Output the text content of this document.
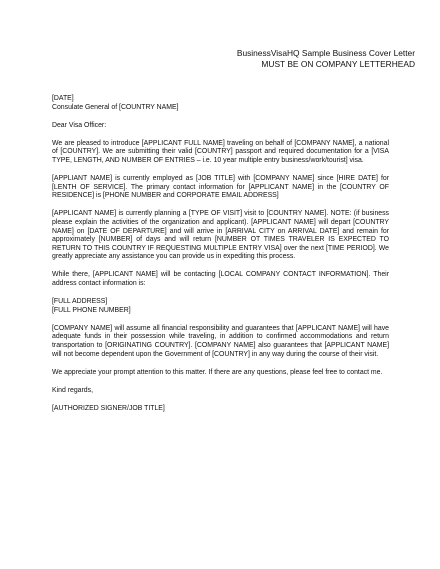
BusinessVisaHQ Sample Business Cover Letter
MUST BE ON COMPANY LETTERHEAD

[DATE]

Consulate General of [COUNTRY NAME]

Dear Visa Officer:

We are pleased to introduce [APPLICANT FULL NAME] traveling on behalf of [COMPANY NAME], a national of [COUNTRY]. We are submitting their valid [COUNTRY] passport and required documentation for a [VISA TYPE, LENGTH, AND NUMBER OF ENTRIES – i.e. 10 year multiple entry business/work/tourist] visa.

[APPLIANT NAME] is currently employed as [JOB TITLE] with [COMPANY NAME] since [HIRE DATE] for [LENTH OF SERVICE]. The primary contact information for [APPLICANT NAME] in the [COUNTRY OF RESIDENCE] is [PHONE NUMBER and CORPORATE EMAIL ADDRESS]

[APPLICANT NAME] is currently planning a [TYPE OF VISIT] visit to [COUNTRY NAME]. NOTE: (if business please explain the activities of the organization and applicant). [APPLICANT NAME] will depart [COUNTRY NAME] on [DATE OF DEPARTURE] and will arrive in [ARRIVAL CITY on ARRIVAL DATE] and remain for approximately [NUMBER] of days and will return [NUMBER OT TIMES TRAVELER IS EXPECTED TO RETURN TO THIS COUNTRY IF REQUESTING MULTIPLE ENTRY VISA] over the next [TIME PERIOD]. We greatly appreciate any assistance you can provide us in expediting this process.

While there, [APPLICANT NAME] will be contacting [LOCAL COMPANY CONTACT INFORMATION]. Their address contact information is:

[FULL ADDRESS]

[FULL PHONE NUMBER]

[COMPANY NAME] will assume all financial responsibility and guarantees that [APPLICANT NAME] will have adequate funds in their possession while traveling, in addition to confirmed accommodations and return transportation to [ORIGINATING COUNTRY]. [COMPANY NAME] also guarantees that [APPLICANT NAME] will not become dependent upon the Government of [COUNTRY] in any way during the course of their visit.

We appreciate your prompt attention to this matter. If there are any questions, please feel free to contact me.

Kind regards,

[AUTHORIZED SIGNER/JOB TITLE]
